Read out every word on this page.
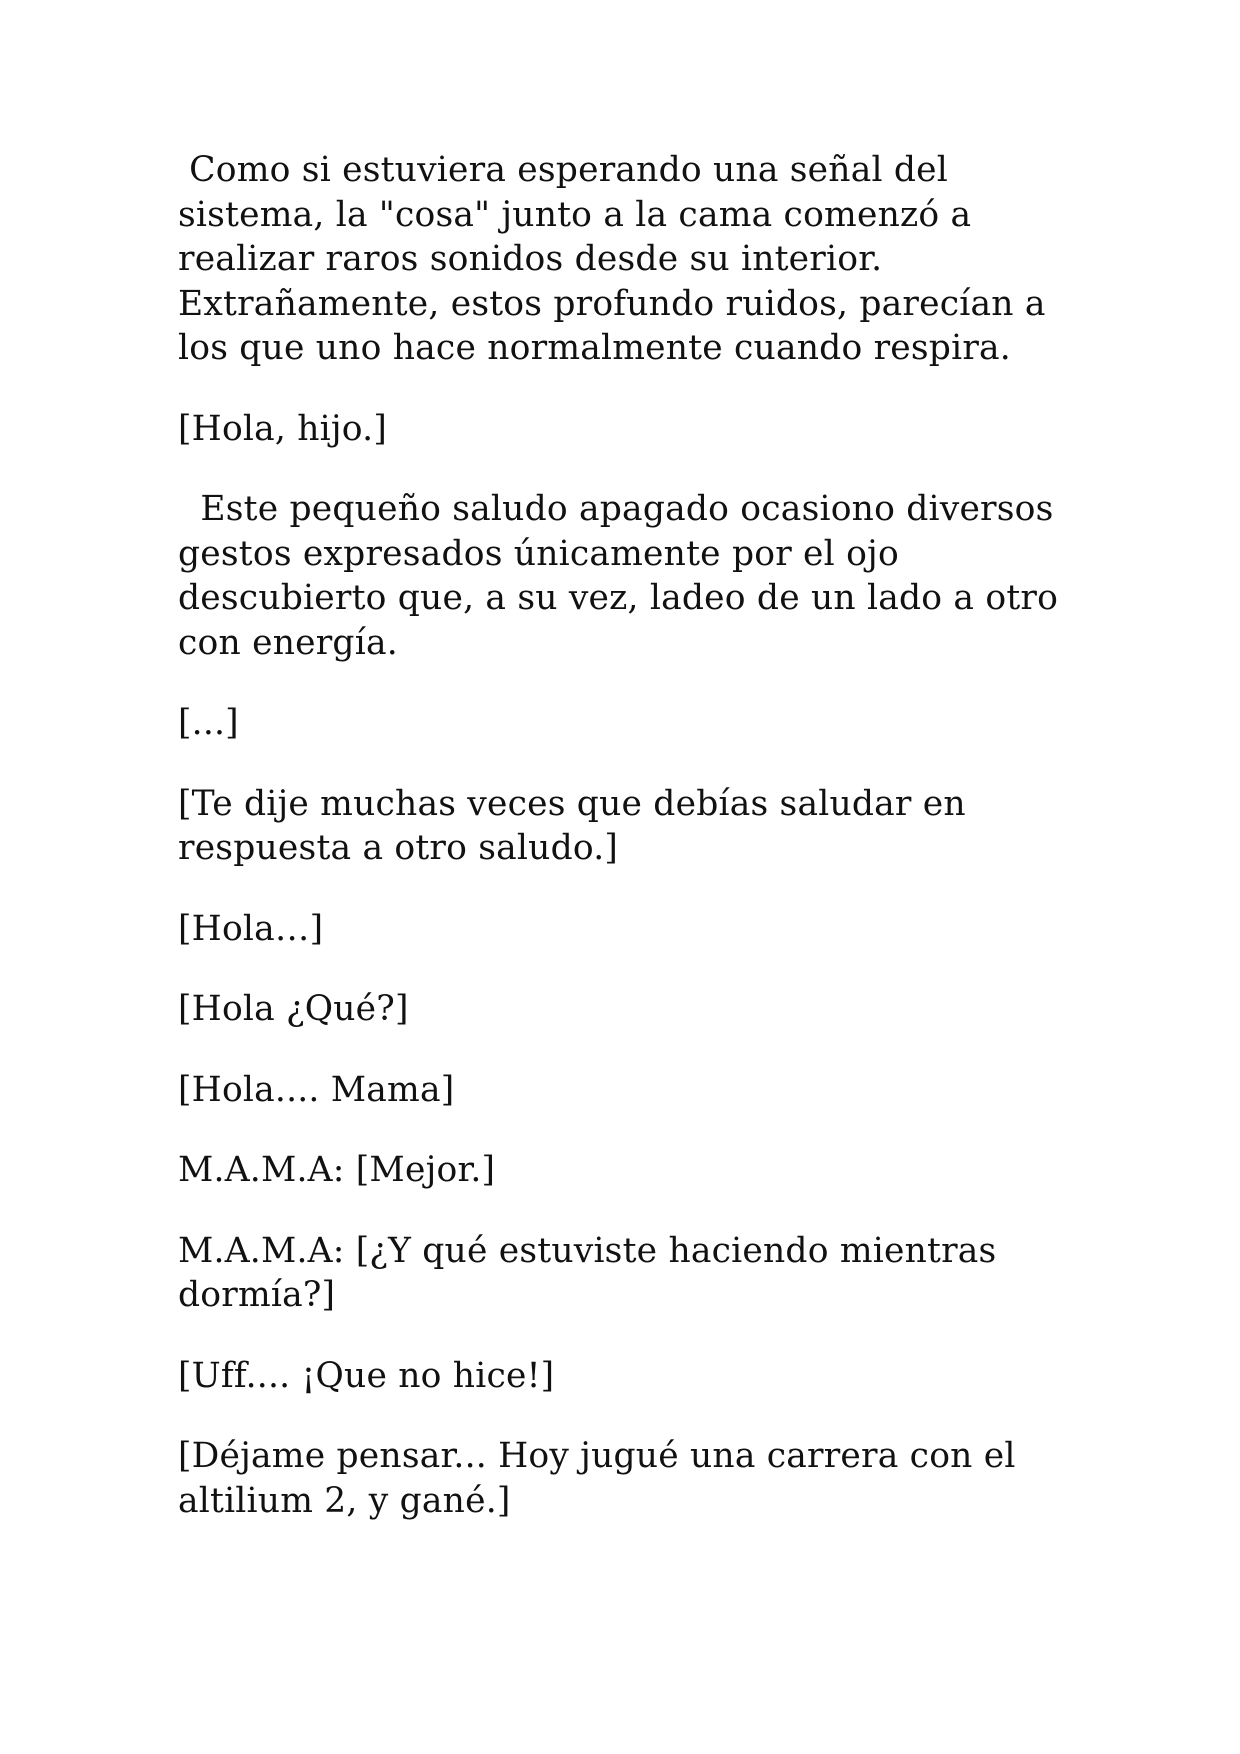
Como si estuviera esperando una señal del sistema, la "cosa" junto a la cama comenzó a realizar raros sonidos desde su interior. Extrañamente, estos profundo ruidos, parecían a los que uno hace normalmente cuando respira.

[Hola, hijo.]

Este pequeño saludo apagado ocasiono diversos gestos expresados únicamente por el ojo descubierto que, a su vez, ladeo de un lado a otro con energía.

[...]

[Te dije muchas veces que debías saludar en respuesta a otro saludo.]

[Hola…]

[Hola ¿Qué?]

[Hola.... Mama]

M.A.M.A: [Mejor.]

M.A.M.A: [¿Y qué estuviste haciendo mientras dormía?]

[Uff.... ¡Que no hice!]

[Déjame pensar... Hoy jugué una carrera con el altilium 2, y gané.]
